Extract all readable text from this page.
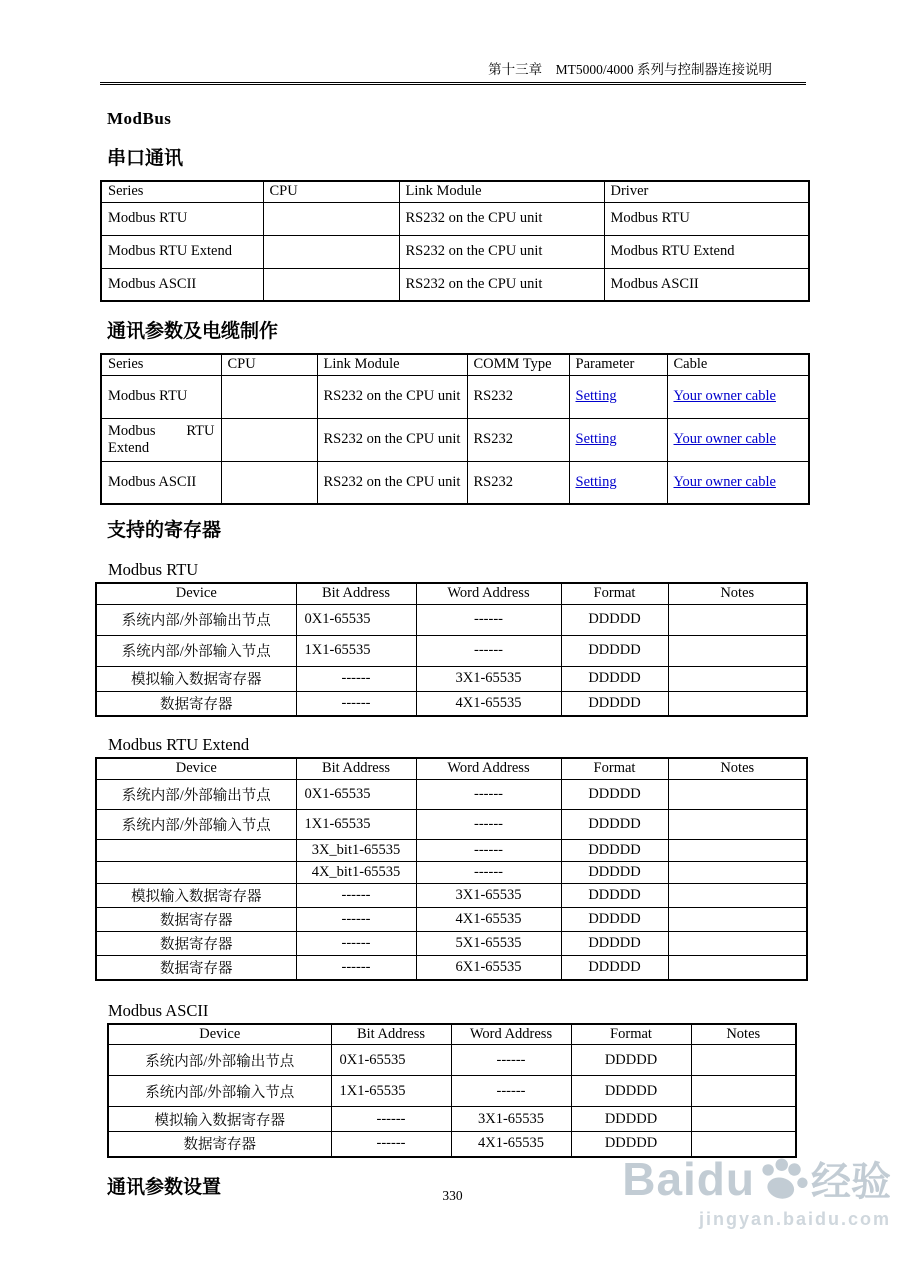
第十三章　MT5000/4000 系列与控制器连接说明
ModBus
串口通讯
Series	CPU	Link Module	Driver
Modbus RTU		RS232 on the CPU unit	Modbus RTU
Modbus RTU Extend		RS232 on the CPU unit	Modbus RTU Extend
Modbus ASCII		RS232 on the CPU unit	Modbus ASCII
通讯参数及电缆制作
Series	CPU	Link Module	COMM Type	Parameter	Cable
Modbus RTU		RS232 on the CPU unit	RS232	Setting	Your owner cable
Modbus RTU Extend		RS232 on the CPU unit	RS232	Setting	Your owner cable
Modbus ASCII		RS232 on the CPU unit	RS232	Setting	Your owner cable
支持的寄存器
Modbus RTU
Device	Bit Address	Word Address	Format	Notes
系统内部/外部输出节点	0X1-65535	------	DDDDD	
系统内部/外部输入节点	1X1-65535	------	DDDDD	
模拟输入数据寄存器	------	3X1-65535	DDDDD	
数据寄存器	------	4X1-65535	DDDDD	
Modbus RTU Extend
Device	Bit Address	Word Address	Format	Notes
系统内部/外部输出节点	0X1-65535	------	DDDDD	
系统内部/外部输入节点	1X1-65535	------	DDDDD	
	3X_bit1-65535	------	DDDDD	
	4X_bit1-65535	------	DDDDD	
模拟输入数据寄存器	------	3X1-65535	DDDDD	
数据寄存器	------	4X1-65535	DDDDD	
数据寄存器	------	5X1-65535	DDDDD	
数据寄存器	------	6X1-65535	DDDDD	
Modbus ASCII
Device	Bit Address	Word Address	Format	Notes
系统内部/外部输出节点	0X1-65535	------	DDDDD	
系统内部/外部输入节点	1X1-65535	------	DDDDD	
模拟输入数据寄存器	------	3X1-65535	DDDDD	
数据寄存器	------	4X1-65535	DDDDD	
通讯参数设置	330	Baidu 经验
jingyan.baidu.com
